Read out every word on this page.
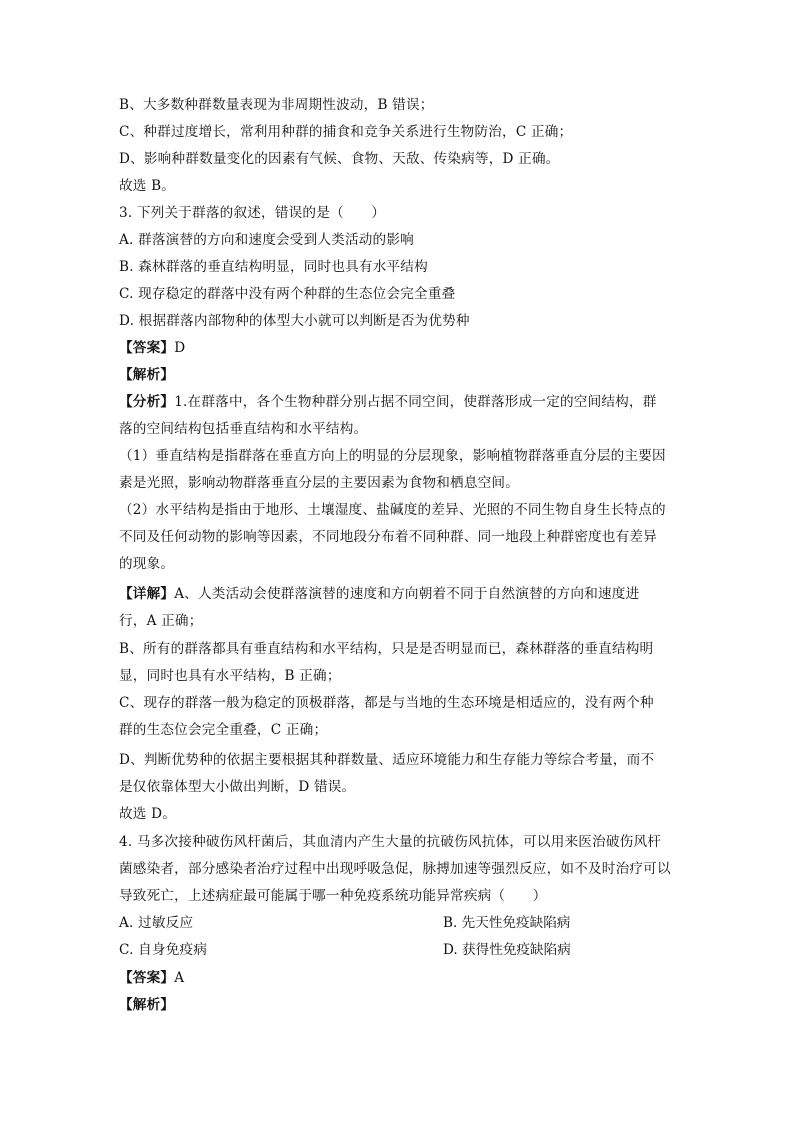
B、大多数种群数量表现为非周期性波动，B 错误；
C、种群过度增长，常利用种群的捕食和竞争关系进行生物防治，C 正确；
D、影响种群数量变化的因素有气候、食物、天敌、传染病等，D 正确。
故选 B。
3. 下列关于群落的叙述，错误的是（　　）
A. 群落演替的方向和速度会受到人类活动的影响
B. 森林群落的垂直结构明显，同时也具有水平结构
C. 现存稳定的群落中没有两个种群的生态位会完全重叠
D. 根据群落内部物种的体型大小就可以判断是否为优势种
【答案】D
【解析】
【分析】1.在群落中，各个生物种群分别占据不同空间，使群落形成一定的空间结构，群
落的空间结构包括垂直结构和水平结构。
（1）垂直结构是指群落在垂直方向上的明显的分层现象，影响植物群落垂直分层的主要因
素是光照，影响动物群落垂直分层的主要因素为食物和栖息空间。
（2）水平结构是指由于地形、土壤湿度、盐碱度的差异、光照的不同生物自身生长特点的
不同及任何动物的影响等因素，不同地段分布着不同种群、同一地段上种群密度也有差异
的现象。
【详解】A、人类活动会使群落演替的速度和方向朝着不同于自然演替的方向和速度进
行，A 正确；
B、所有的群落都具有垂直结构和水平结构，只是是否明显而已，森林群落的垂直结构明
显，同时也具有水平结构，B 正确；
C、现存的群落一般为稳定的顶极群落，都是与当地的生态环境是相适应的，没有两个种
群的生态位会完全重叠，C 正确；
D、判断优势种的依据主要根据其种群数量、适应环境能力和生存能力等综合考量，而不
是仅依靠体型大小做出判断，D 错误。
故选 D。
4. 马多次接种破伤风杆菌后，其血清内产生大量的抗破伤风抗体，可以用来医治破伤风杆
菌感染者，部分感染者治疗过程中出现呼吸急促，脉搏加速等强烈反应，如不及时治疗可以
导致死亡，上述病症最可能属于哪一种免疫系统功能异常疾病（　　）
A. 过敏反应	B. 先天性免疫缺陷病
C. 自身免疫病	D. 获得性免疫缺陷病
【答案】A
【解析】
